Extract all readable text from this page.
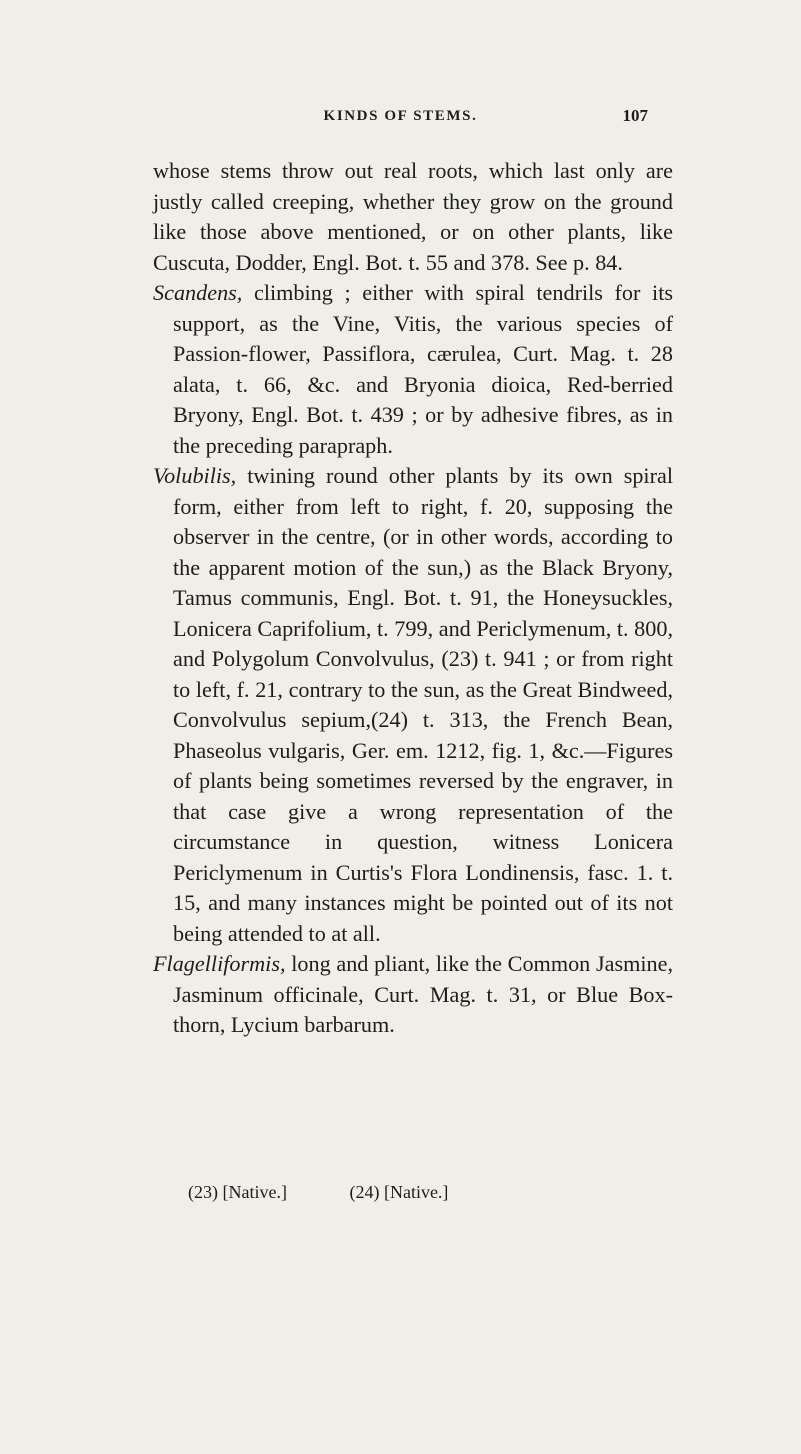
KINDS OF STEMS.	107

whose stems throw out real roots, which last only are justly called creeping, whether they grow on the ground like those above mentioned, or on other plants, like Cuscuta, Dodder, Engl. Bot. t. 55 and 378. See p. 84.

Scandens, climbing ; either with spiral tendrils for its support, as the Vine, Vitis, the various species of Passion-flower, Passiflora, cærulea, Curt. Mag. t. 28 alata, t. 66, &c. and Bryonia dioica, Red-berried Bryony, Engl. Bot. t. 439 ; or by adhesive fibres, as in the preceding parapraph.

Volubilis, twining round other plants by its own spiral form, either from left to right, f. 20, supposing the observer in the centre, (or in other words, according to the apparent motion of the sun,) as the Black Bryony, Tamus communis, Engl. Bot. t. 91, the Honeysuckles, Lonicera Caprifolium, t. 799, and Periclymenum, t. 800, and Polygolum Convolvulus, (23) t. 941 ; or from right to left, f. 21, contrary to the sun, as the Great Bindweed, Convolvulus sepium,(24) t. 313, the French Bean, Phaseolus vulgaris, Ger. em. 1212, fig. 1, &c.—Figures of plants being sometimes reversed by the engraver, in that case give a wrong representation of the circumstance in question, witness Lonicera Periclymenum in Curtis's Flora Londinensis, fasc. 1. t. 15, and many instances might be pointed out of its not being attended to at all.

Flagelliformis, long and pliant, like the Common Jasmine, Jasminum officinale, Curt. Mag. t. 31, or Blue Box-thorn, Lycium barbarum.

(23) [Native.]	(24) [Native.]
